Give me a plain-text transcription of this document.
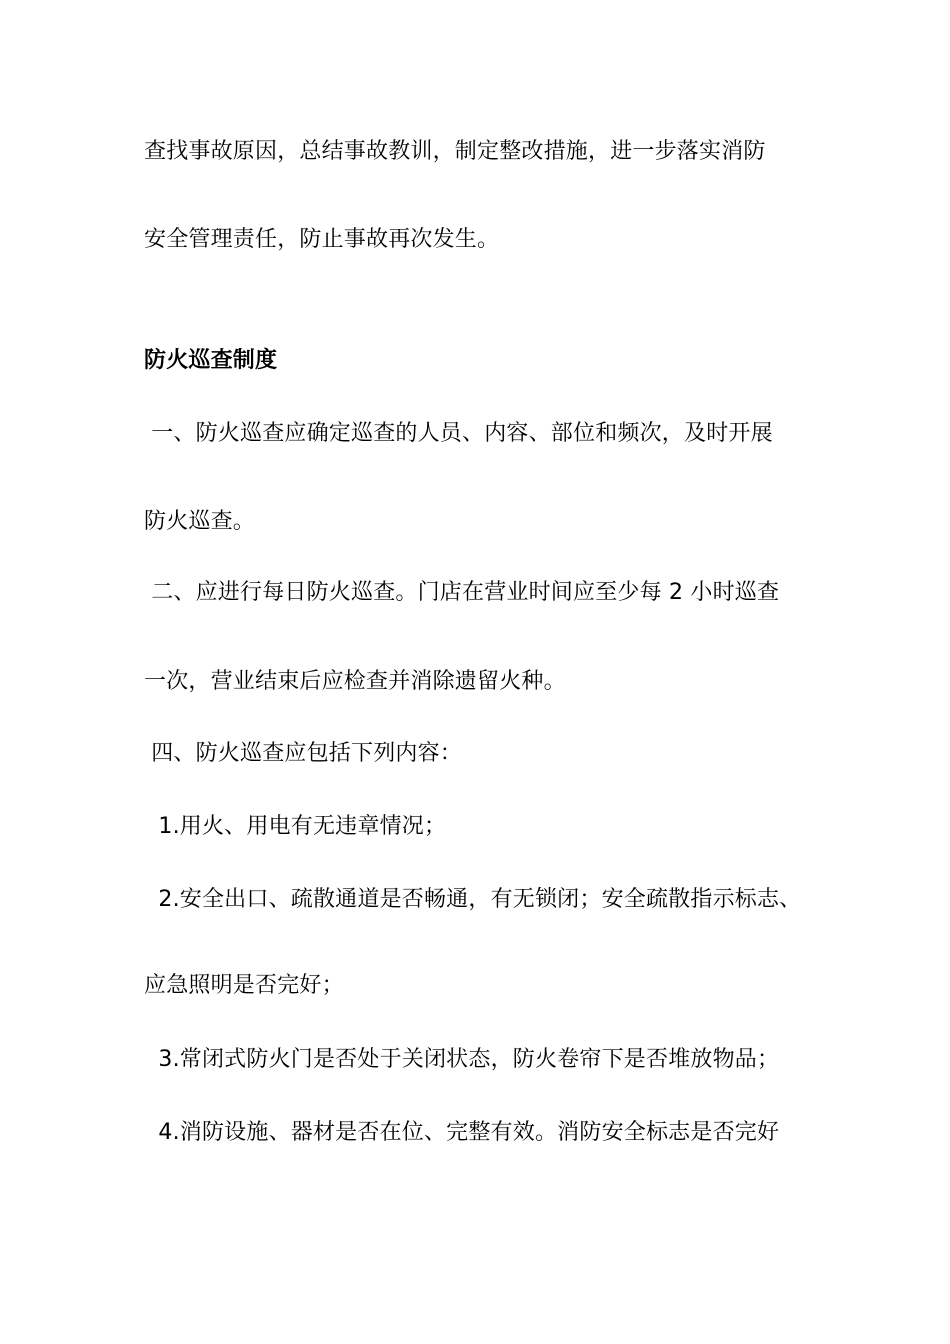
查找事故原因，总结事故教训，制定整改措施，进一步落实消防
安全管理责任，防止事故再次发生。
防火巡查制度
一、防火巡查应确定巡查的人员、内容、部位和频次，及时开展
防火巡查。
二、应进行每日防火巡查。门店在营业时间应至少每 2 小时巡查
一次，营业结束后应检查并消除遗留火种。
四、防火巡查应包括下列内容：
1.用火、用电有无违章情况；
2.安全出口、疏散通道是否畅通，有无锁闭；安全疏散指示标志、
应急照明是否完好；
3.常闭式防火门是否处于关闭状态，防火卷帘下是否堆放物品；
4.消防设施、器材是否在位、完整有效。消防安全标志是否完好
